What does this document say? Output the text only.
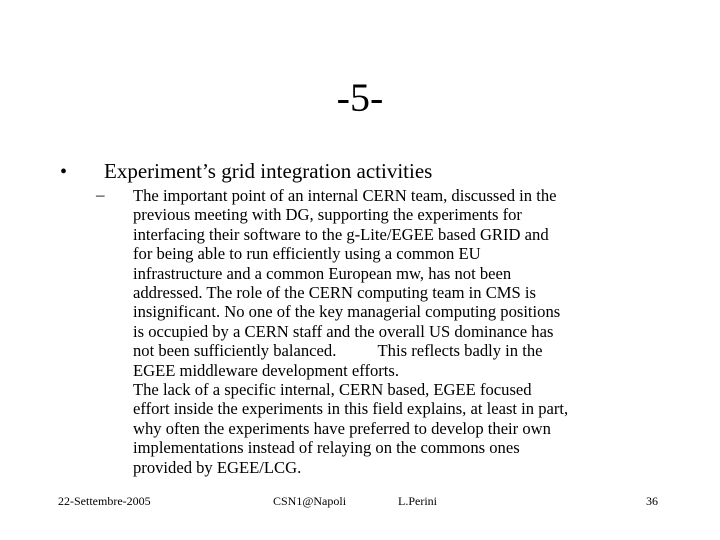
-5-
• Experiment’s grid integration activities
– The important point of an internal CERN team, discussed in the
previous meeting with DG, supporting the experiments for
interfacing their software to the g-Lite/EGEE based GRID and
for being able to run efficiently using a common EU
infrastructure and a common European mw, has not been
addressed. The role of the CERN computing team in CMS is
insignificant. No one of the key managerial computing positions
is occupied by a CERN staff and the overall US dominance has
not been sufficiently balanced.          This reflects badly in the
EGEE middleware development efforts.
The lack of a specific internal, CERN based, EGEE focused
effort inside the experiments in this field explains, at least in part,
why often the experiments have preferred to develop their own
implementations instead of relaying on the commons ones
provided by EGEE/LCG.
22-Settembre-2005	CSN1@Napoli	L.Perini	36
